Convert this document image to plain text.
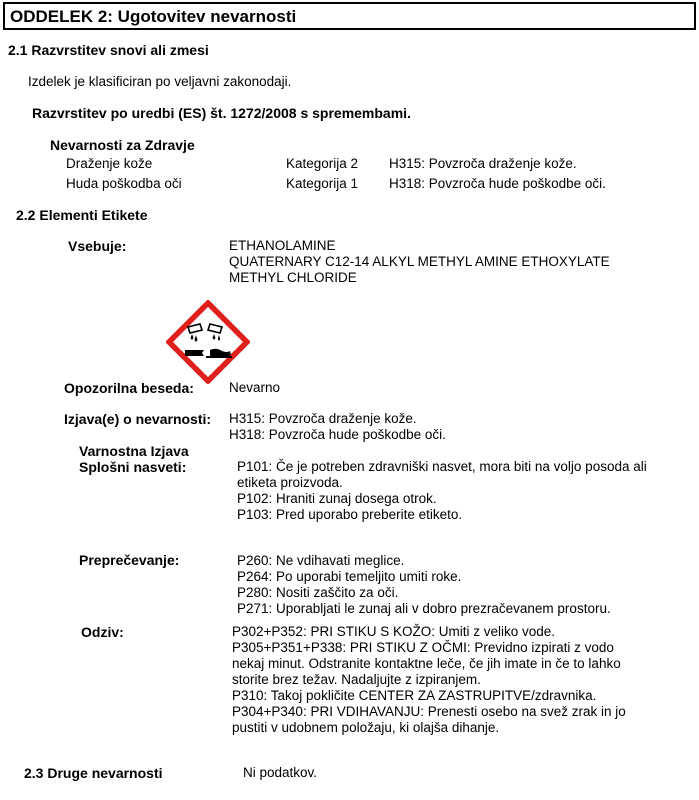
ODDELEK 2: Ugotovitev nevarnosti
2.1 Razvrstitev snovi ali zmesi
Izdelek je klasificiran po veljavni zakonodaji.
Razvrstitev po uredbi (ES) št. 1272/2008 s spremembami.
Nevarnosti za Zdravje
Draženje kože	Kategorija 2 H315: Povzroča draženje kože.
Huda poškodba oči	Kategorija 1 H318: Povzroča hude poškodbe oči.
2.2 Elementi Etikete
Vsebuje:	ETHANOLAMINE
QUATERNARY C12-14 ALKYL METHYL AMINE ETHOXYLATE
METHYL CHLORIDE
Opozorilna beseda:	Nevarno
Izjava(e) o nevarnosti: H315: Povzroča draženje kože.
H318: Povzroča hude poškodbe oči.
Varnostna Izjava
Splošni nasveti:	P101: Če je potreben zdravniški nasvet, mora biti na voljo posoda ali
etiketa proizvoda.
P102: Hraniti zunaj dosega otrok.
P103: Pred uporabo preberite etiketo.
Preprečevanje:	P260: Ne vdihavati meglice.
P264: Po uporabi temeljito umiti roke.
P280: Nositi zaščito za oči.
P271: Uporabljati le zunaj ali v dobro prezračevanem prostoru.
Odziv:	P302+P352: PRI STIKU S KOŽO: Umiti z veliko vode.
P305+P351+P338: PRI STIKU Z OČMI: Previdno izpirati z vodo
nekaj minut. Odstranite kontaktne leče, če jih imate in če to lahko
storite brez težav. Nadaljujte z izpiranjem.
P310: Takoj pokličite CENTER ZA ZASTRUPITVE/zdravnika.
P304+P340: PRI VDIHAVANJU: Prenesti osebo na svež zrak in jo
pustiti v udobnem položaju, ki olajša dihanje.
2.3 Druge nevarnosti	Ni podatkov.
